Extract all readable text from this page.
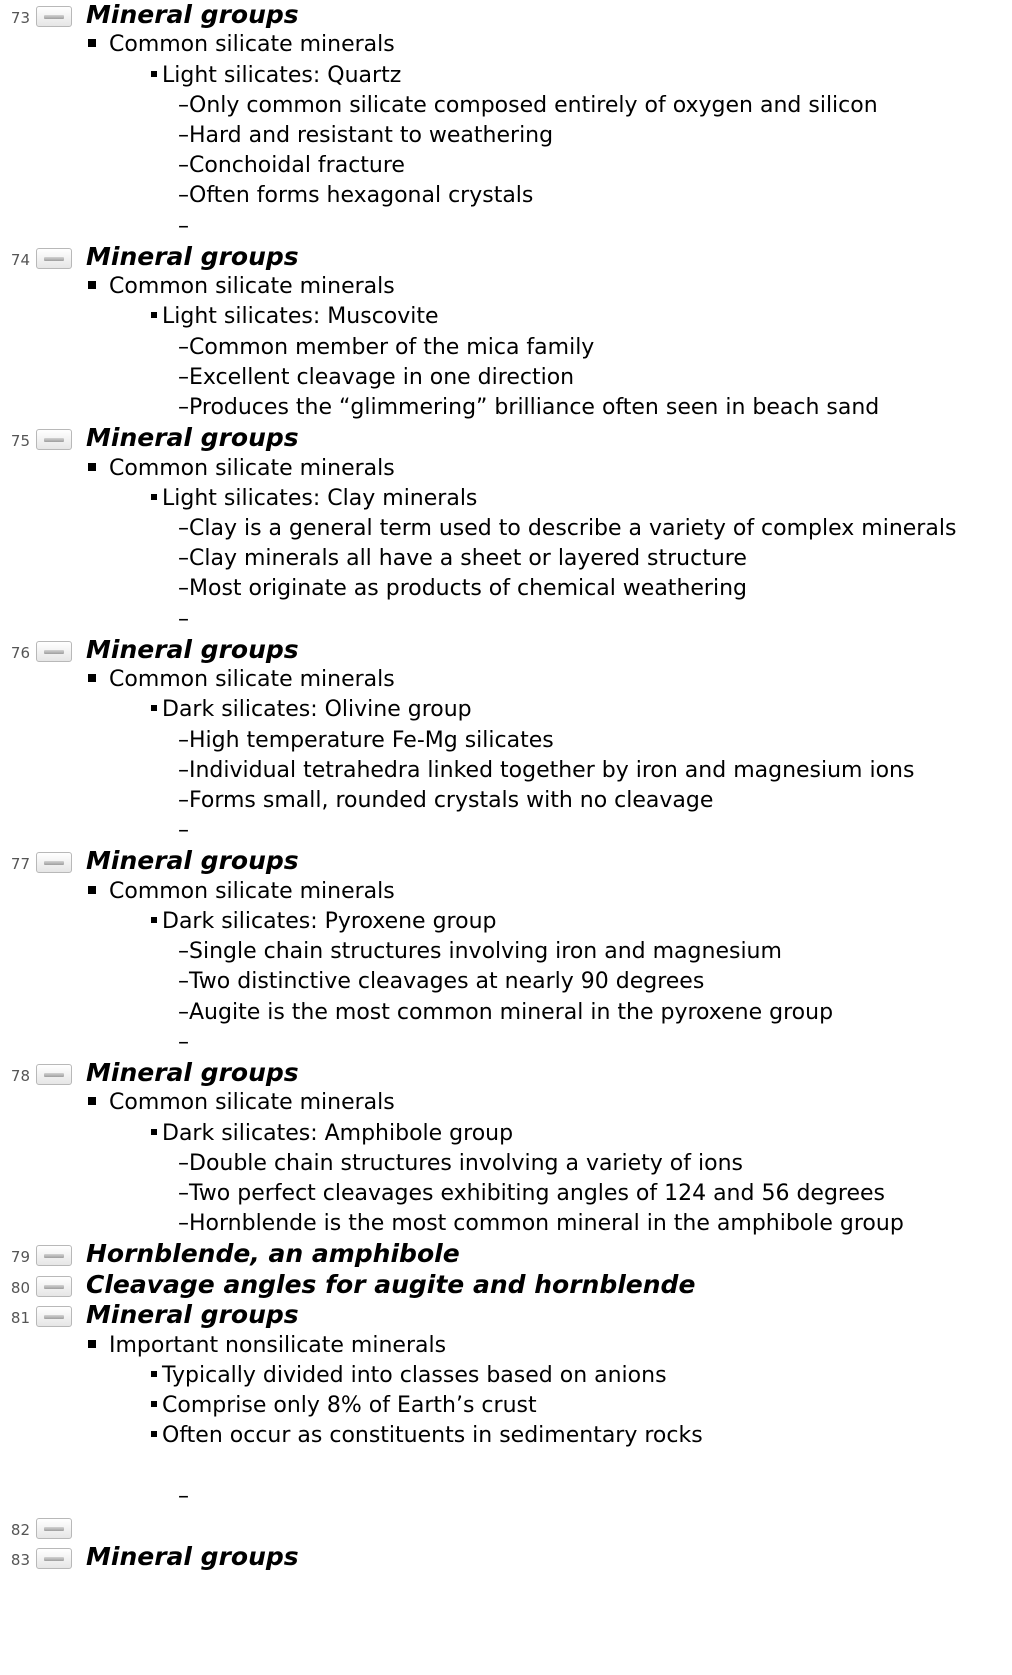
73 Mineral groups
Common silicate minerals
Light silicates: Quartz
–Only common silicate composed entirely of oxygen and silicon
–Hard and resistant to weathering
–Conchoidal fracture
–Often forms hexagonal crystals
–
74 Mineral groups
Common silicate minerals
Light silicates: Muscovite
–Common member of the mica family
–Excellent cleavage in one direction
–Produces the “glimmering” brilliance often seen in beach sand
75 Mineral groups
Common silicate minerals
Light silicates: Clay minerals
–Clay is a general term used to describe a variety of complex minerals
–Clay minerals all have a sheet or layered structure
–Most originate as products of chemical weathering
–
76 Mineral groups
Common silicate minerals
Dark silicates: Olivine group
–High temperature Fe-Mg silicates
–Individual tetrahedra linked together by iron and magnesium ions
–Forms small, rounded crystals with no cleavage
–
77 Mineral groups
Common silicate minerals
Dark silicates: Pyroxene group
–Single chain structures involving iron and magnesium
–Two distinctive cleavages at nearly 90 degrees
–Augite is the most common mineral in the pyroxene group
–
78 Mineral groups
Common silicate minerals
Dark silicates: Amphibole group
–Double chain structures involving a variety of ions
–Two perfect cleavages exhibiting angles of 124 and 56 degrees
–Hornblende is the most common mineral in the amphibole group
79 Hornblende, an amphibole
80 Cleavage angles for augite and hornblende
81 Mineral groups
Important nonsilicate minerals
Typically divided into classes based on anions
Comprise only 8% of Earth’s crust
Often occur as constituents in sedimentary rocks
–
82
83 Mineral groups
